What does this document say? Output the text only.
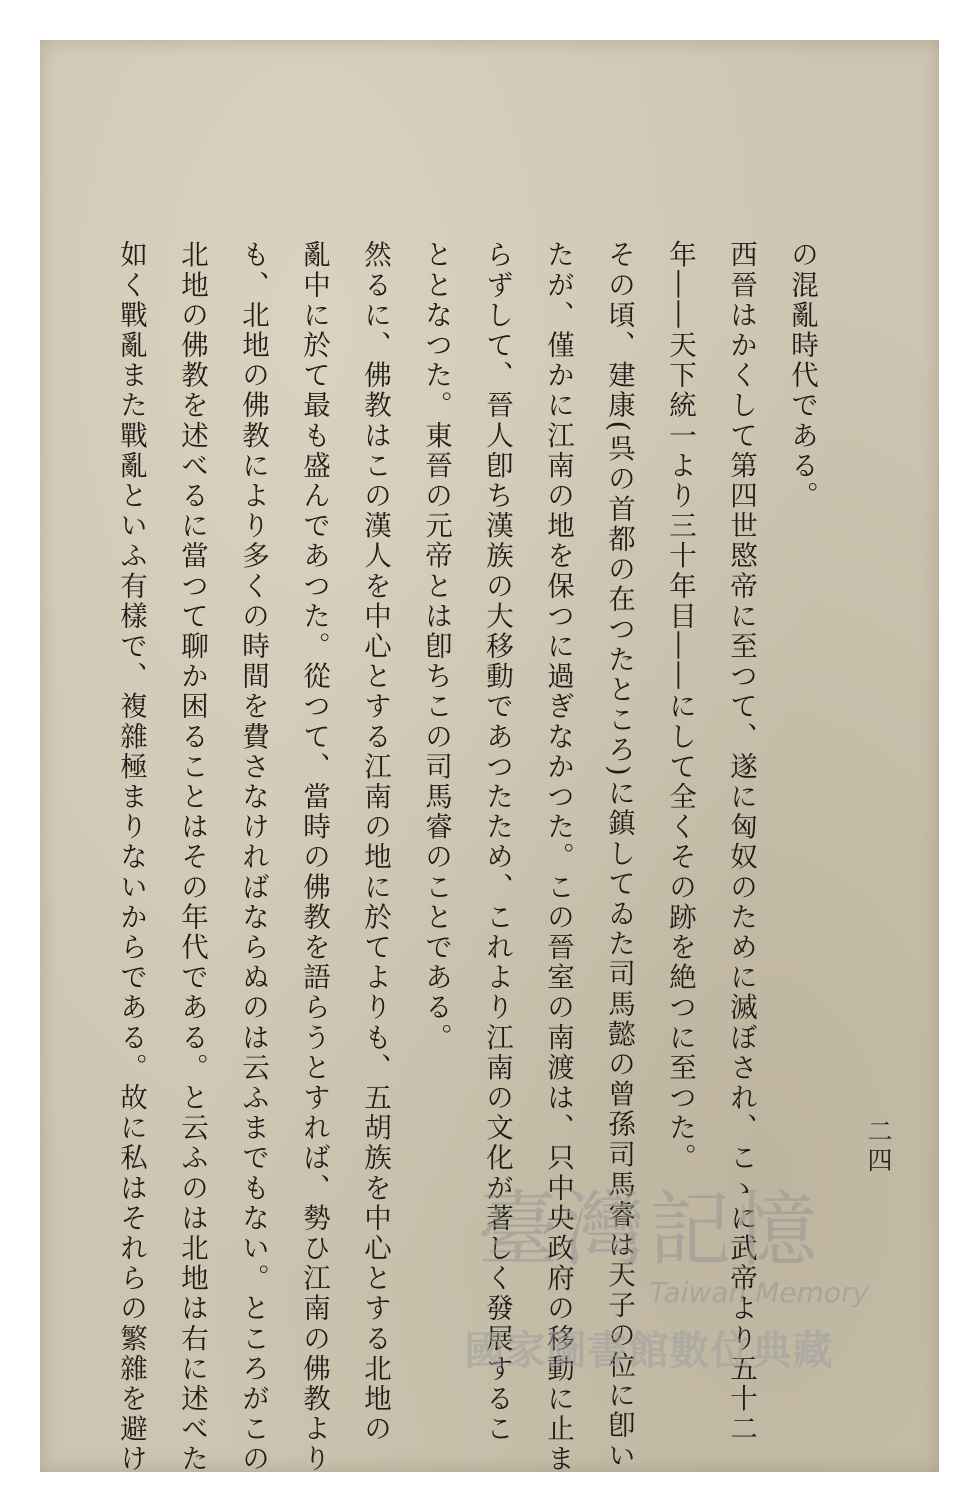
二四
の混亂時代である。
西晉はかくして第四世愍帝に至つて、遂に匈奴のために滅ぼされ、こゝに武帝より五十二
年――天下統一より三十年目――にして全くその跡を絶つに至つた。
その頃、建康(呉の首都の在つたところ)に鎮してゐた司馬懿の曾孫司馬睿は天子の位に卽い
たが、僅かに江南の地を保つに過ぎなかつた。この晉室の南渡は、只中央政府の移動に止ま
らずして、晉人卽ち漢族の大移動であつたため、これより江南の文化が著しく發展するこ
ととなつた。東晉の元帝とは卽ちこの司馬睿のことである。
然るに、佛教はこの漢人を中心とする江南の地に於てよりも、五胡族を中心とする北地の
亂中に於て最も盛んであつた。從つて、當時の佛教を語らうとすれば、勢ひ江南の佛教より
も、北地の佛教により多くの時間を費さなければならぬのは云ふまでもない。ところがこの
北地の佛教を述べるに當つて聊か困ることはその年代である。と云ふのは北地は右に述べた
如く戰亂また戰亂といふ有樣で、複雜極まりないからである。故に私はそれらの繁雜を避け	臺灣記憶
Taiwan Memory
國家圖書館數位典藏
